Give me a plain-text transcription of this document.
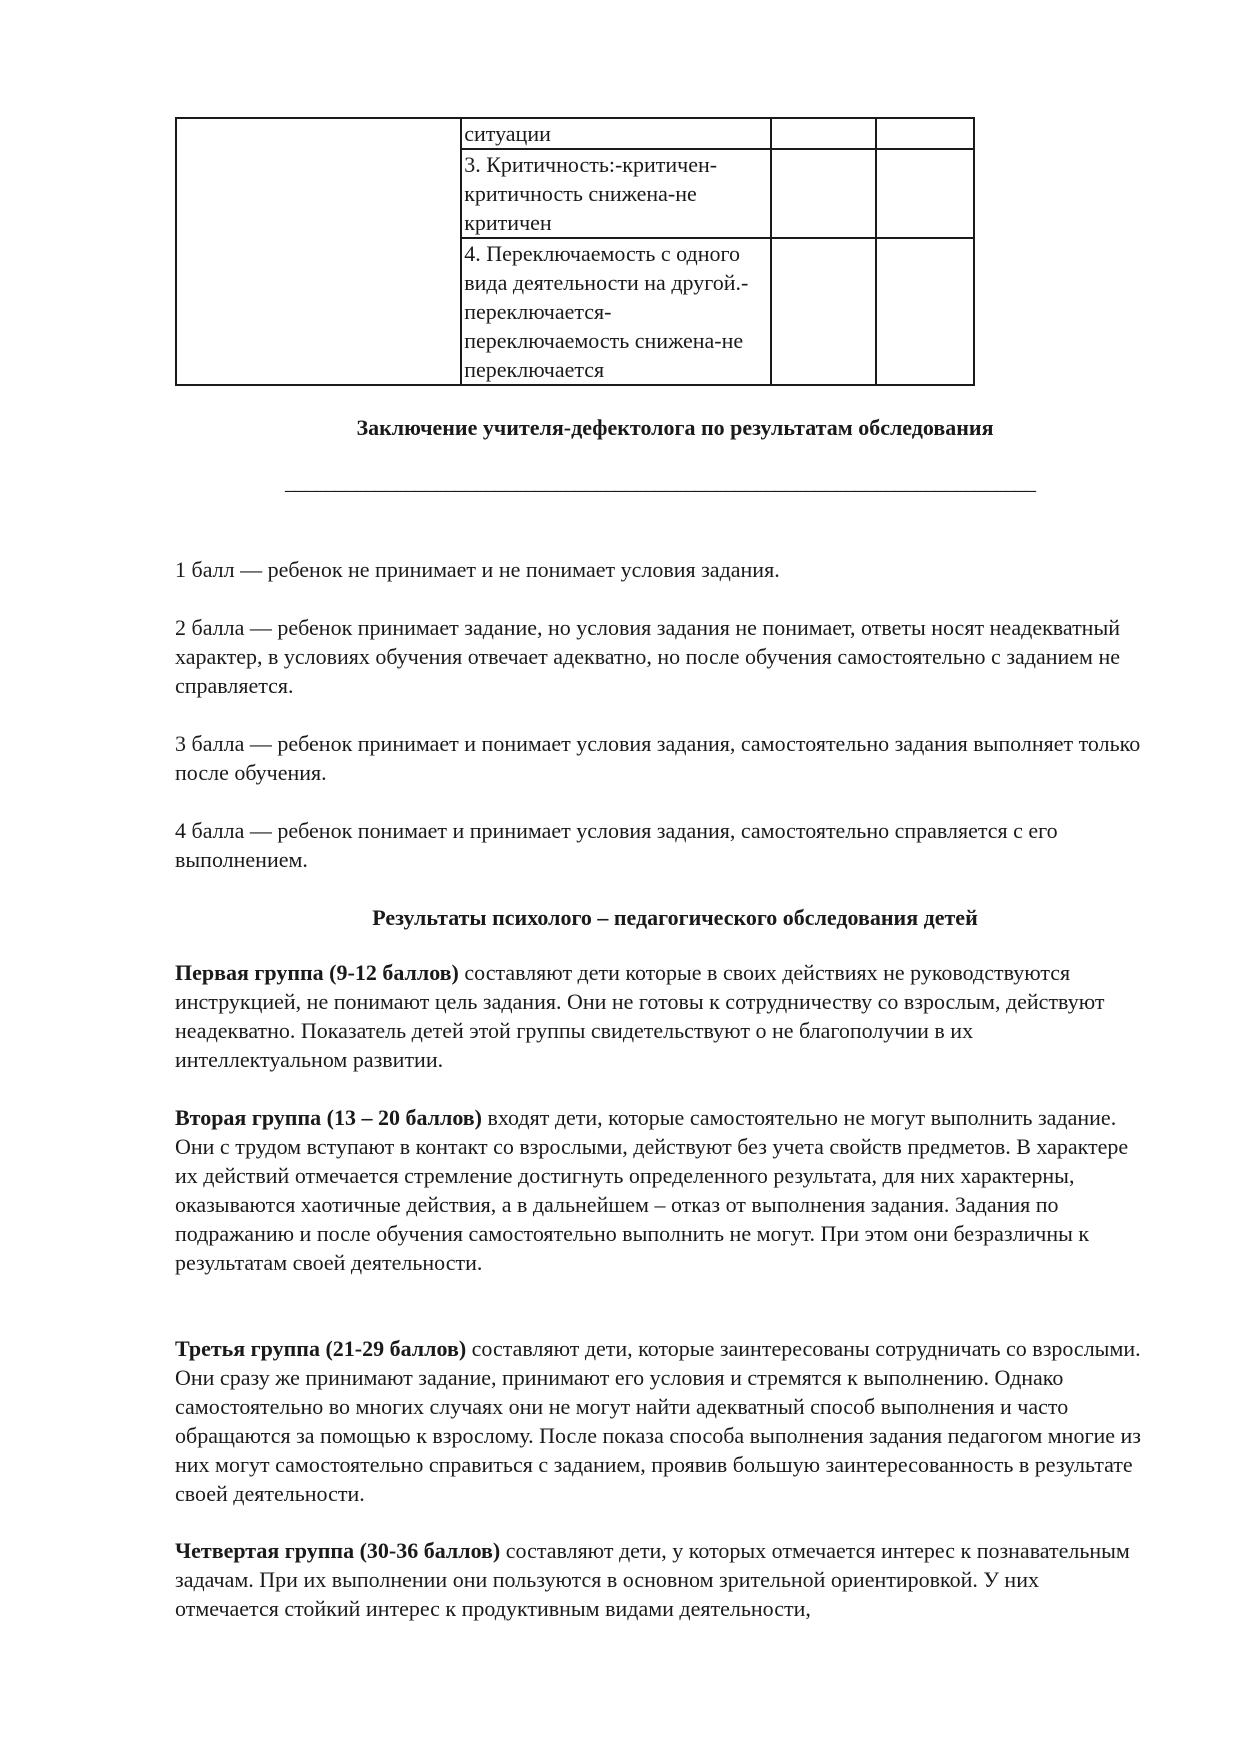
	ситуации		
	3. Критичность:-критичен-критичность снижена-не критичен		
	4. Переключаемость с одного вида деятельности на другой.-переключается-переключаемость снижена-не переключается		
Заключение учителя-дефектолога по результатам обследования
___________________________________________________________________________

1 балл — ребенок не принимает и не понимает условия задания.

2 балла — ребенок принимает задание, но условия задания не понимает, ответы носят неадекватный характер, в условиях обучения отвечает адекватно, но после обучения самостоятельно с заданием не справляется.

3 балла — ребенок принимает и понимает условия задания, самостоятельно задания выполняет только после обучения.

4 балла — ребенок понимает и принимает условия задания, самостоятельно справляется с его выполнением.

Результаты психолого – педагогического обследования детей

Первая группа (9-12 баллов) составляют дети которые в своих действиях не руководствуются инструкцией, не понимают цель задания. Они не готовы к сотрудничеству со взрослым, действуют неадекватно. Показатель детей этой группы свидетельствуют о не благополучии в их интеллектуальном развитии.

Вторая группа (13 – 20 баллов) входят дети, которые самостоятельно не могут выполнить задание. Они с трудом вступают в контакт со взрослыми, действуют без учета свойств предметов. В характере их действий отмечается стремление достигнуть определенного результата, для них характерны, оказываются хаотичные действия, а в дальнейшем – отказ от выполнения задания. Задания по подражанию и после обучения самостоятельно выполнить не могут. При этом они безразличны к результатам своей деятельности.

Третья группа (21-29 баллов) составляют дети, которые заинтересованы сотрудничать со взрослыми. Они сразу же принимают задание, принимают его условия и стремятся к выполнению. Однако самостоятельно во многих случаях они не могут найти адекватный способ выполнения и часто обращаются за помощью к взрослому. После показа способа выполнения задания педагогом многие из них могут самостоятельно справиться с заданием, проявив большую заинтересованность в результате своей деятельности.

Четвертая группа (30-36 баллов) составляют дети, у которых отмечается интерес к познавательным задачам. При их выполнении они пользуются в основном зрительной ориентировкой. У них отмечается стойкий интерес к продуктивным видами деятельности,
